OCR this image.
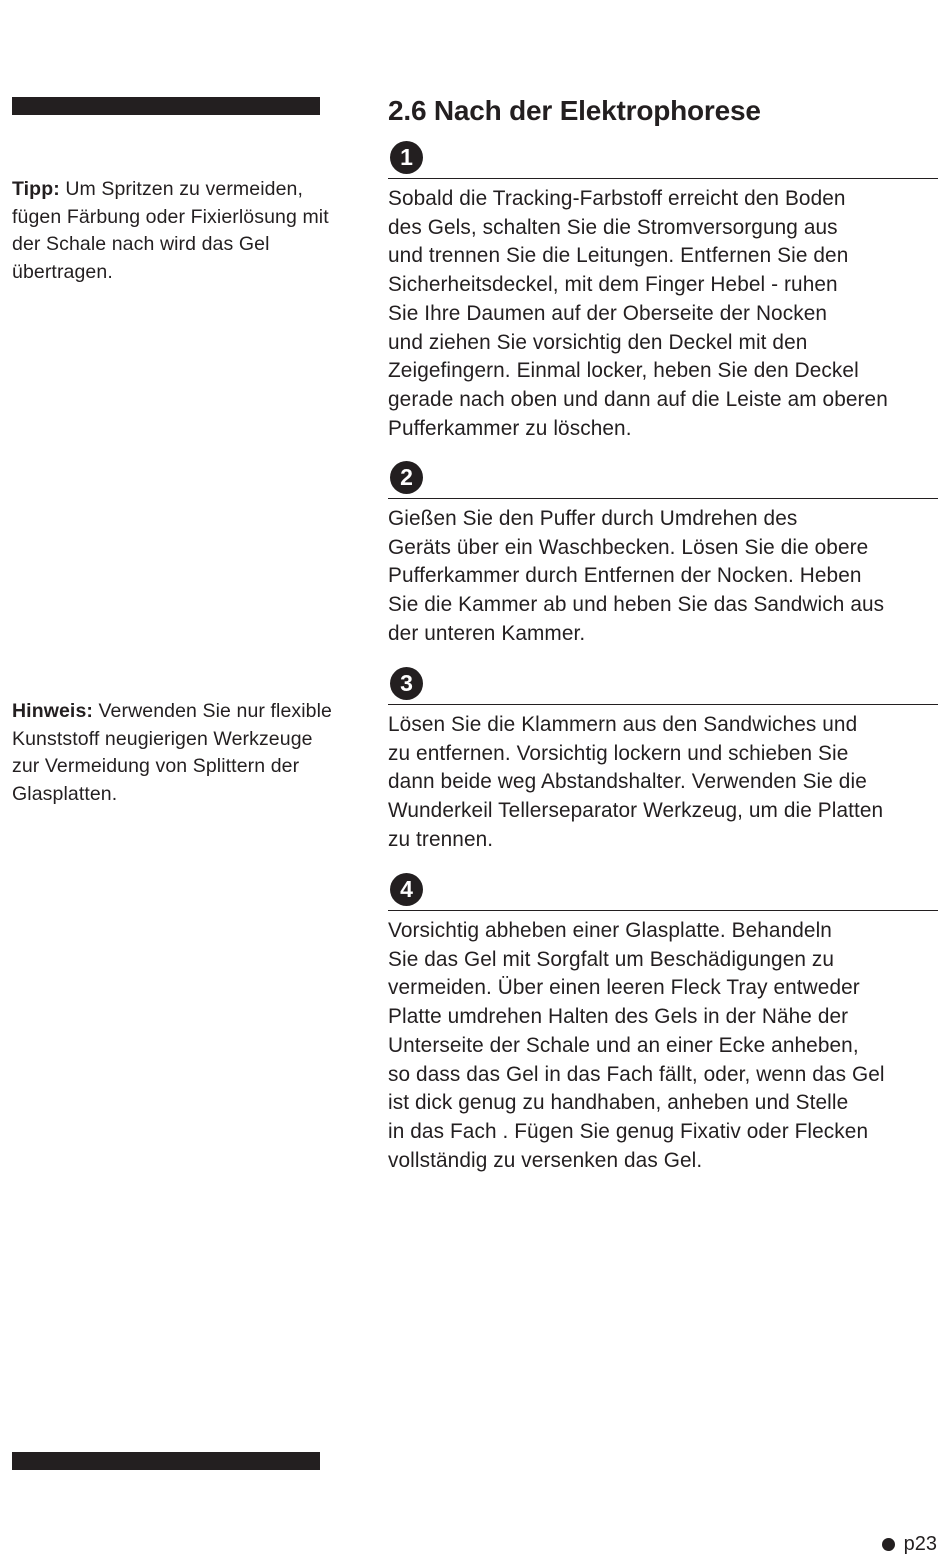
Tipp: Um Spritzen zu vermeiden, fügen Färbung oder Fixierlösung mit der Schale nach wird das Gel übertragen.

Hinweis: Verwenden Sie nur flexible Kunststoff neugierigen Werkzeuge zur Vermeidung von Splittern der Glasplatten.

2.6 Nach der Elektrophorese
1

Sobald die Tracking-Farbstoff erreicht den Boden
des Gels, schalten Sie die Stromversorgung aus
und trennen Sie die Leitungen. Entfernen Sie den
Sicherheitsdeckel, mit dem Finger Hebel - ruhen
Sie Ihre Daumen auf der Oberseite der Nocken
und ziehen Sie vorsichtig den Deckel mit den
Zeigefingern. Einmal locker, heben Sie den Deckel
gerade nach oben und dann auf die Leiste am oberen
Pufferkammer zu löschen.

2

Gießen Sie den Puffer durch Umdrehen des
Geräts über ein Waschbecken. Lösen Sie die obere
Pufferkammer durch Entfernen der Nocken. Heben
Sie die Kammer ab und heben Sie das Sandwich aus
der unteren Kammer.

3

Lösen Sie die Klammern aus den Sandwiches und
zu entfernen. Vorsichtig lockern und schieben Sie
dann beide weg Abstandshalter. Verwenden Sie die
Wunderkeil Tellerseparator Werkzeug, um die Platten
zu trennen.

4

Vorsichtig abheben einer Glasplatte. Behandeln
Sie das Gel mit Sorgfalt um Beschädigungen zu
vermeiden. Über einen leeren Fleck Tray entweder
Platte umdrehen Halten des Gels in der Nähe der
Unterseite der Schale und an einer Ecke anheben,
so dass das Gel in das Fach fällt, oder, wenn das Gel
ist dick genug zu handhaben, anheben und Stelle
in das Fach . Fügen Sie genug Fixativ oder Flecken
vollständig zu versenken das Gel.

p23
